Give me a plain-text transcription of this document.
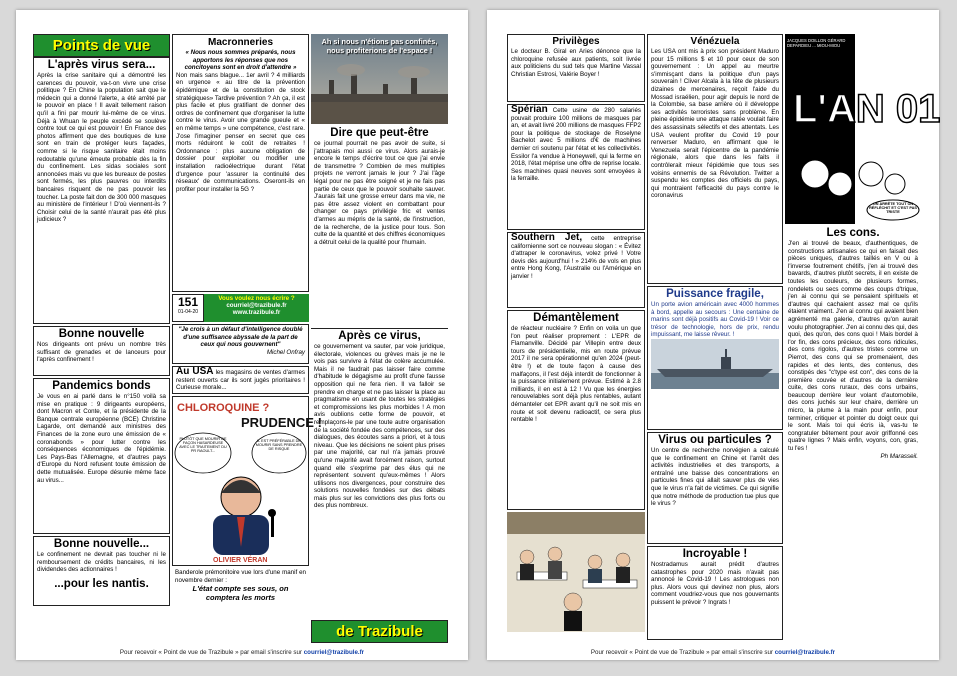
Points de vue
L'après virus sera...
Après la crise sanitaire qui a démontré les carences du pouvoir, va-t-on vivre une crise politique ? En Chine la population sait que le médecin qui a donné l'alerte, a été arrêté par le pouvoir en place ! Il avait tellement raison qu'il a fini par mourir lui-même de ce virus. Déjà à Whuan le peuple excédé se soulève contre tout ce qui est pouvoir ! En France des photos affirment que des boutiques de luxe sont en train de protéger leurs façades, comme si le risque sanitaire était moins redoutable qu'une émeute probable dès la fin du confinement. Les sidas sociales sont annoncées mais vu que les bureaux de postes sont fermés, les plus pauvres ou interdits bancaires risquent de ne pas pouvoir les toucher. La poste fait don de 300 000 masques au ministère de l'intérieur ! D'où viennent-ils ? Choisir celui de la santé n'aurait pas été plus judicieux ?
Bonne nouvelle
Nos dirigeants ont prévu un nombre très suffisant de grenades et de lanceurs pour l'après confinement !
Pandemics bonds
Je vous en ai parlé dans le n°150 voilà sa mise en pratique : 9 dirigeants européens, dont Macron et Conte, et la présidente de la Banque centrale européenne (BCE) Christine Lagarde, ont demandé aux ministres des Finances de la zone euro une émission de « coronabonds » pour lutter contre les conséquences économiques de l'épidémie. Les Pays-Bas l'Allemagne, et d'autres pays d'Europe du Nord refusent toute émission de dette mutualisée. Europe désunie même face au virus...
Bonne nouvelle...
Le confinement ne devrait pas toucher ni le remboursement de crédits bancaires, ni les dividendes des actionnaires !
...pour les nantis.
Macronneries
« Nous nous sommes préparés, nous apportons les réponses que nos concitoyens sont en droit d'attendre »
Non mais sans blague... 1er avril ? 4 milliards en urgence « au titre de la prévention épidémique et de la constitution de stock stratégiques» Tardive prévention ? Ah ça, il est plus facile et plus gratifiant de donner des ordres de confinement que d'organiser la lutte contre le virus. Avoir une grande gueule et « en même temps » une compétence, c'est rare. J'ose l'imaginer penser en secret que ces morts réduiront le coût de retraites ! Ordonnance : plus aucune obligation de dossier pour exploiter ou modifier une installation radioélectrique durant l'état d'urgence pour 'assurer la continuité des réseaux' de communications. Oseront-ils en profiter pour installer la 5G ?
151
01-04-20
Vous voulez nous écrire ?
courriel@trazibule.fr
www.trazibule.fr
"Je crois à un défaut d'intelligence doublé d'une suffisance abyssale de la part de ceux qui nous gouvernent"
Michel Onfray
Au USA les magasins de ventes d'armes restent ouverts car ils sont jugés prioritaires ! Curieuse morale...
CHLOROQUINE ?
PRUDENCE !
PLUTÔT QUE MOURIR DE FAÇON HASARDEUSE AVEC LE TRAITEMENT DU PR RAOULT...
IL EST PRÉFÉRABLE DE MOURIR SANS PRENDRE DE RISQUE
OLIVIER VÉRAN
Banderole prémonitoire vue lors d'une manif en novembre dernier :
L'état compte ses sous, on comptera les morts
Ah si nous n'étions pas confinés, nous profiterions de l'espace !
Dire que peut-être
ce journal pourrait ne pas avoir de suite, si j'attrapais moi aussi ce virus. Alors aurais-je encore le temps d'écrire tout ce que j'ai envie de transmettre ? Combien de mes multiples projets ne verront jamais le jour ? J'ai l'âge légal pour ne pas être soigné et je ne fais pas partie de ceux que le pouvoir souhaite sauver. J'aurais fait une grosse erreur dans ma vie, ne pas être assez violent en combattant pour changer ce pays privilégie fric et ventes d'armes au mépris de la santé, de l'instruction, de la recherche, de la justice pour tous. Son culte de la quantité et des chiffres économiques a détruit celui de la qualité pour l'humain.
Après ce virus,
ce gouvernement va sauter, par voie juridique, électorale, violences ou grèves mais je ne le vois pas survivre à l'état de colère accumulée. Mais il ne faudrait pas laisser faire comme d'habitude le dégagisme au profit d'une fausse opposition qui ne fera rien. Il va falloir se prendre en charge et ne pas laisser la place au pragmatisme en usant de toutes les stratégies et compromissions les plus morbides ! A mon avis oublions cette forme de pouvoir, et remplaçons-le par une toute autre organisation de la société fondée des compétences, sur des dialogues, des écoutes sans a priori, et à tous niveau. Que les décisions ne soient plus prises par une majorité, car nul n'a jamais prouvé qu'une majorité avait forcément raison, surtout quand elle s'exprime par des élus qui ne représentent souvent qu'eux-mêmes ! Alors utilisons nos divergences, pour construire des solutions nouvelles fondées sur des débats mais plus sur les convictions des plus forts ou des plus nombreux.
de Trazibule
Pour recevoir « Point de vue de Trazibule » par email s'inscrire sur courriel@trazibule.fr
Privilèges
Le docteur B. Giral en Aries dénonce que la chloroquine refusée aux patients, soit livrée aux politiciens du sud tels que Martine Vassal Christian Estrosi, Valérie Boyer !
Spérian Cette usine de 280 salariés pouvait produire 100 millions de masques par an, et avait livré 200 millions de masques FFP2 pour la politique de stockage de Roselyne Bachelot avec 5 millions d'€ de machines dernier cri soutenu par l'état et les collectivités. Essilor l'a vendue à Honeywell, qui la ferme en 2018, l'état méprise une offre de reprise locale. Ses machines quasi neuves sont envoyées à la ferraille.
Southern Jet, cette entreprise californienne sort ce nouveau slogan : « Évitez d'attraper le coronavirus, volez privé ! Votre devis dès aujourd'hui ! » 214% de vols en plus entre Hong Kong, l'Australie ou l'Amérique en janvier !
Démantèlement
de réacteur nucléaire ? Enfin on voila un que l'on peut réaliser proprement : L'EPR de Flamanville. Décidé par Villepin entre deux tours de présidentielle, mis en route prévue 2017 il ne sera opérationnel qu'en 2024 (peut-être !) et de toute façon à cause des malfaçons, il l'est déjà interdit de fonctionner à la puissance initialement prévue. Estimé à 2.8 milliards, il en est à 12 ! Vu que les énergies renouvelables sont déjà plus rentables, autant démanteler cet EPR avant qu'il ne soit mis en route et soit devenu radioactif, ce sera plus rentable !
Vénézuela
Les USA ont mis à prix son président Maduro pour 15 millions $ et 10 pour ceux de son gouvernement : Un appel au meurtre s'immisçant dans la politique d'un pays souverain ! Cliver Alcala à la tête de plusieurs dizaines de mercenaires, reçoit l'aide du Mossad israélien, pour agir depuis le nord de la Colombie, sa base arrière où il développe ses activités terroristes sans problème. En pleine épidémie une attaque ratée voulait faire des assassinats sélectifs et des attentats. Les USA veulent profiter du Covid 19 pour renverser Maduro, en affirmant que le Venezuela serait l'épicentre de la pandémie régionale, alors que dans les faits il contrôlerait mieux l'épidémie que tous ses voisins ennemis de sa Révolution. Twitter a suspendu les comptes des officiels du pays, qui montraient l'efficacité du pays contre le coronavirus
Puissance fragile,
Un porte avion américain avec 4000 hommes à bord, appelle au secours : Une centaine de marins sont déjà positifs au Covid-19 ! Voir ce trésor de technologie, hors de prix, rendu impuissant, me laisse rêveur. !
Virus ou particules ?
Un centre de recherche norvégien a calculé que le confinement en Chine et l'arrêt des activités industrielles et des transports, a entraîné une baisse des concentrations en particules fines qui allait sauver plus de vies que le virus n'a fait de victimes. Ce qui signifie que notre méthode de production tue plus que le virus ?
Incroyable !
Nostradamus aurait prédit d'autres catastrophes pour 2020 mais n'avait pas annoncé le Covid-19 ! Les astrologues non plus. Alors vous qui devinez non plus, alors comment voudriez-vous que nos gouvernants puissent le prévoir ? Ingrats !
JACQUES DOILLON GÉRARD DEPARDIEU ... MIOU-MIOU
L'AN 01
ON ARRÊTE TOUT ON RÉFLÉCHIT ET C'EST PAS TRISTE
Les cons.
J'en ai trouvé de beaux, d'authentiques, de constructions artisanales ce qui en faisait des pièces uniques, d'autres taillés en V ou à l'inverse foutrement chétifs, j'en ai trouvé des bavards, d'autres plutôt secrets, il en existe de toutes les couleurs, de plusieurs formes, rondelets ou secs comme des coups d'trique, j'en ai connu qui se pensaient spirituels et d'autres qui cachaient assez mal ce qu'ils étaient vraiment. J'en ai connu qui avaient bien agrémenté ma galerie, d'autres qu'on aurait voulu photographier. J'en ai connu des qui, des quoi, des qu'on, des cons quoi ! Mais bordel à l'or fin, des cons précieux, des cons ridicules, des cons rigolos, d'autres tristes comme un Pierrot, des cons qui se promenaient, des rapides et des lents, des contenus, des constipés des "c'type est con", des cons de la première couvée et d'autres de la dernière cuite, des cons ruraux, des cons urbains, beaucoup derrière leur volant d'automobile, des cons juchés sur leur chaire, derrière un micro, la plume à la main pour enfin, pour terminer, critiquer et pointer du doigt ceux qui le sont. Mais toi qui écris ià, vas-tu te congratuler bêtement pour avoir griffonné ces quatre lignes ? Mais enfin, voyons, con, gras, tu l'es !
Ph Marasseil.
Pour recevoir « Point de vue de Trazibule » par email s'inscrire sur courriel@trazibule.fr
